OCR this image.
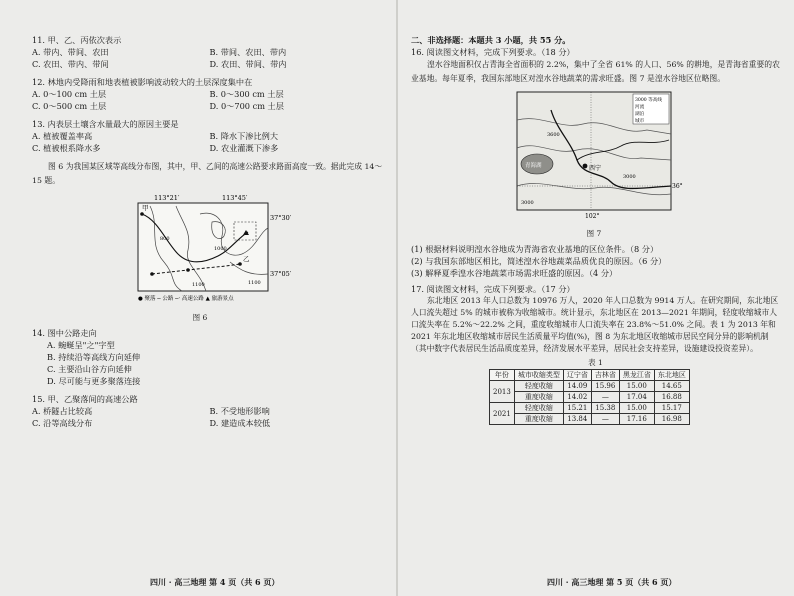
11. 甲、乙、丙依次表示

A. 带内、带间、农田	B. 带间、农田、带内
C. 农田、带内、带间	D. 农田、带间、带内

12. 林地内受降雨和地表植被影响波动较大的土层深度集中在

A. 0～100 cm 土层	B. 0～300 cm 土层
C. 0～500 cm 土层	D. 0～700 cm 土层

13. 内表层土壤含水量最大的原因主要是

A. 植被覆盖率高	B. 降水下渗比例大
C. 植被根系降水多	D. 农业灌溉下渗多

图 6 为我国某区域等高线分布图，其中，甲、乙间的高速公路要求路面高度一致。据此完成 14～15 题。

113°21′	113°45′
甲
乙
800
1100
1000
1100
37°30′
37°05′
● 聚落 ─ 公路 ─· 高速公路 ▲ 旅游景点
图 6

14. 图中公路走向

A. 蜿蜒呈"之"字型
B. 持续沿等高线方向延伸
C. 主要沿山谷方向延伸
D. 尽可能与更多聚落连接

15. 甲、乙聚落间的高速公路

A. 桥隧占比较高	B. 不受地形影响
C. 沿等高线分布	D. 建造成本较低
四川 · 高三地理 第 4 页（共 6 页）

二、非选择题：本题共 3 小题，共 55 分。

16. 阅读图文材料，完成下列要求。（18 分）

湟水谷地面积仅占青海全省面积的 2.2%，集中了全省 61% 的人口、56% 的耕地，是青海省重要的农业基地。每年夏季，我国东部地区对湟水谷地蔬菜的需求旺盛。图 7 是湟水谷地区位略图。

西宁
青海湖
3600
3000
3000
36°
102°
3000 等高线
河流
湖泊
城市
图 7

(1) 根据材料说明湟水谷地成为青海省农业基地的区位条件。（8 分）

(2) 与我国东部地区相比，简述湟水谷地蔬菜品质优良的原因。（6 分）

(3) 解释夏季湟水谷地蔬菜市场需求旺盛的原因。（4 分）

17. 阅读图文材料，完成下列要求。（17 分）

东北地区 2013 年人口总数为 10976 万人，2020 年人口总数为 9914 万人。在研究期间，东北地区人口流失超过 5% 的城市被称为收缩城市。统计显示，东北地区在 2013—2021 年期间，轻度收缩城市人口流失率在 5.2%～22.2% 之间，重度收缩城市人口流失率在 23.8%～51.0% 之间。表 1 为 2013 年和 2021 年东北地区收缩城市居民生活质量平均值(%)，图 8 为东北地区收缩城市居民空间分异的影响机制（其中数字代表居民生活品质度差异，经济发展水平差异，居民社会支持差异，设施建设投资差异）。

表 1
年份	城市收缩类型	辽宁省	吉林省	黑龙江省	东北地区
2013	轻度收缩	14.09	15.96	15.00	14.65
	重度收缩	14.02	—	17.04	16.88
2021	轻度收缩	15.21	15.38	15.00	15.17
	重度收缩	13.84	—	17.16	16.98
四川 · 高三地理 第 5 页（共 6 页）
